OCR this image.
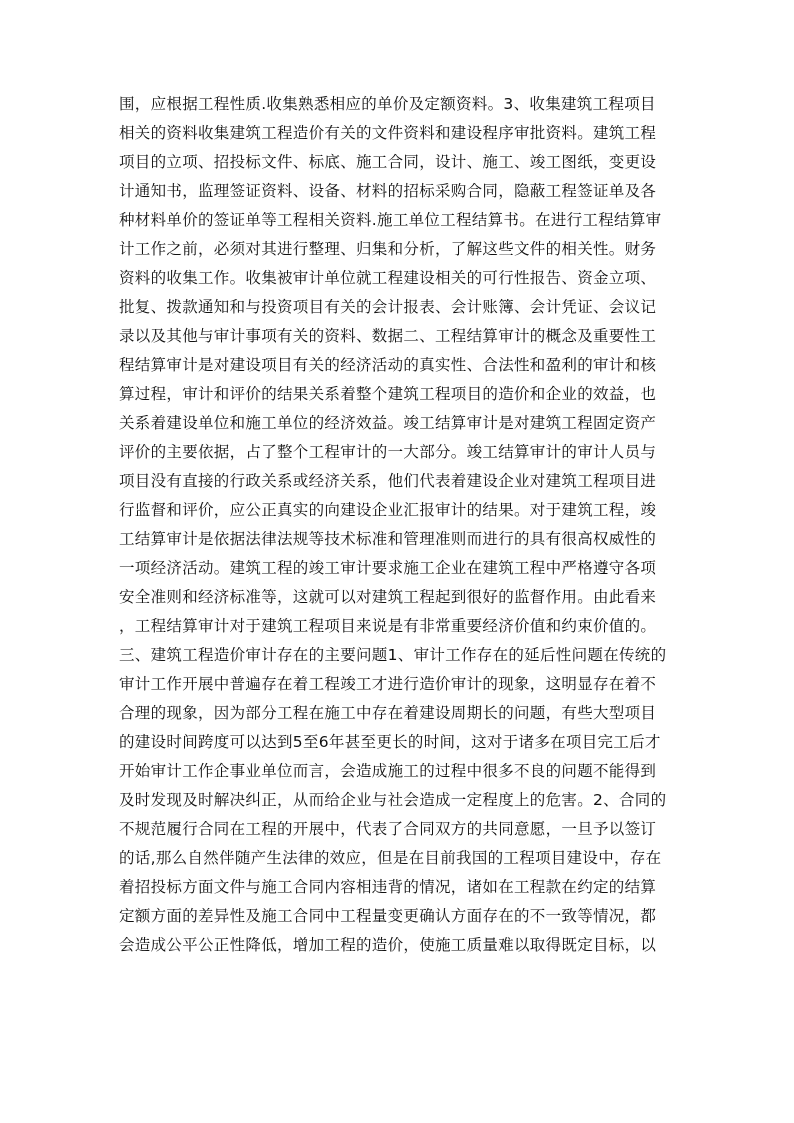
围，应根据工程性质.收集熟悉相应的单价及定额资料。3、收集建筑工程项目
相关的资料收集建筑工程造价有关的文件资料和建设程序审批资料。建筑工程
项目的立项、招投标文件、标底、施工合同，设计、施工、竣工图纸，变更设
计通知书，监理签证资料、设备、材料的招标采购合同，隐蔽工程签证单及各
种材料单价的签证单等工程相关资料.施工单位工程结算书。在进行工程结算审
计工作之前，必须对其进行整理、归集和分析，了解这些文件的相关性。财务
资料的收集工作。收集被审计单位就工程建设相关的可行性报告、资金立项、
批复、拨款通知和与投资项目有关的会计报表、会计账簿、会计凭证、会议记
录以及其他与审计事项有关的资料、数据二、工程结算审计的概念及重要性工
程结算审计是对建设项目有关的经济活动的真实性、合法性和盈利的审计和核
算过程，审计和评价的结果关系着整个建筑工程项目的造价和企业的效益，也
关系着建设单位和施工单位的经济效益。竣工结算审计是对建筑工程固定资产
评价的主要依据，占了整个工程审计的一大部分。竣工结算审计的审计人员与
项目没有直接的行政关系或经济关系，他们代表着建设企业对建筑工程项目进
行监督和评价，应公正真实的向建设企业汇报审计的结果。对于建筑工程，竣
工结算审计是依据法律法规等技术标准和管理准则而进行的具有很高权威性的
一项经济活动。建筑工程的竣工审计要求施工企业在建筑工程中严格遵守各项
安全准则和经济标准等，这就可以对建筑工程起到很好的监督作用。由此看来
，工程结算审计对于建筑工程项目来说是有非常重要经济价值和约束价值的。
三、建筑工程造价审计存在的主要问题1、审计工作存在的延后性问题在传统的
审计工作开展中普遍存在着工程竣工才进行造价审计的现象，这明显存在着不
合理的现象，因为部分工程在施工中存在着建设周期长的问题，有些大型项目
的建设时间跨度可以达到5至6年甚至更长的时间，这对于诸多在项目完工后才
开始审计工作企事业单位而言，会造成施工的过程中很多不良的问题不能得到
及时发现及时解决纠正，从而给企业与社会造成一定程度上的危害。2、合同的
不规范履行合同在工程的开展中，代表了合同双方的共同意愿，一旦予以签订
的话,那么自然伴随产生法律的效应，但是在目前我国的工程项目建设中，存在
着招投标方面文件与施工合同内容相违背的情况，诸如在工程款在约定的结算
定额方面的差异性及施工合同中工程量变更确认方面存在的不一致等情况，都
会造成公平公正性降低，增加工程的造价，使施工质量难以取得既定目标，以
